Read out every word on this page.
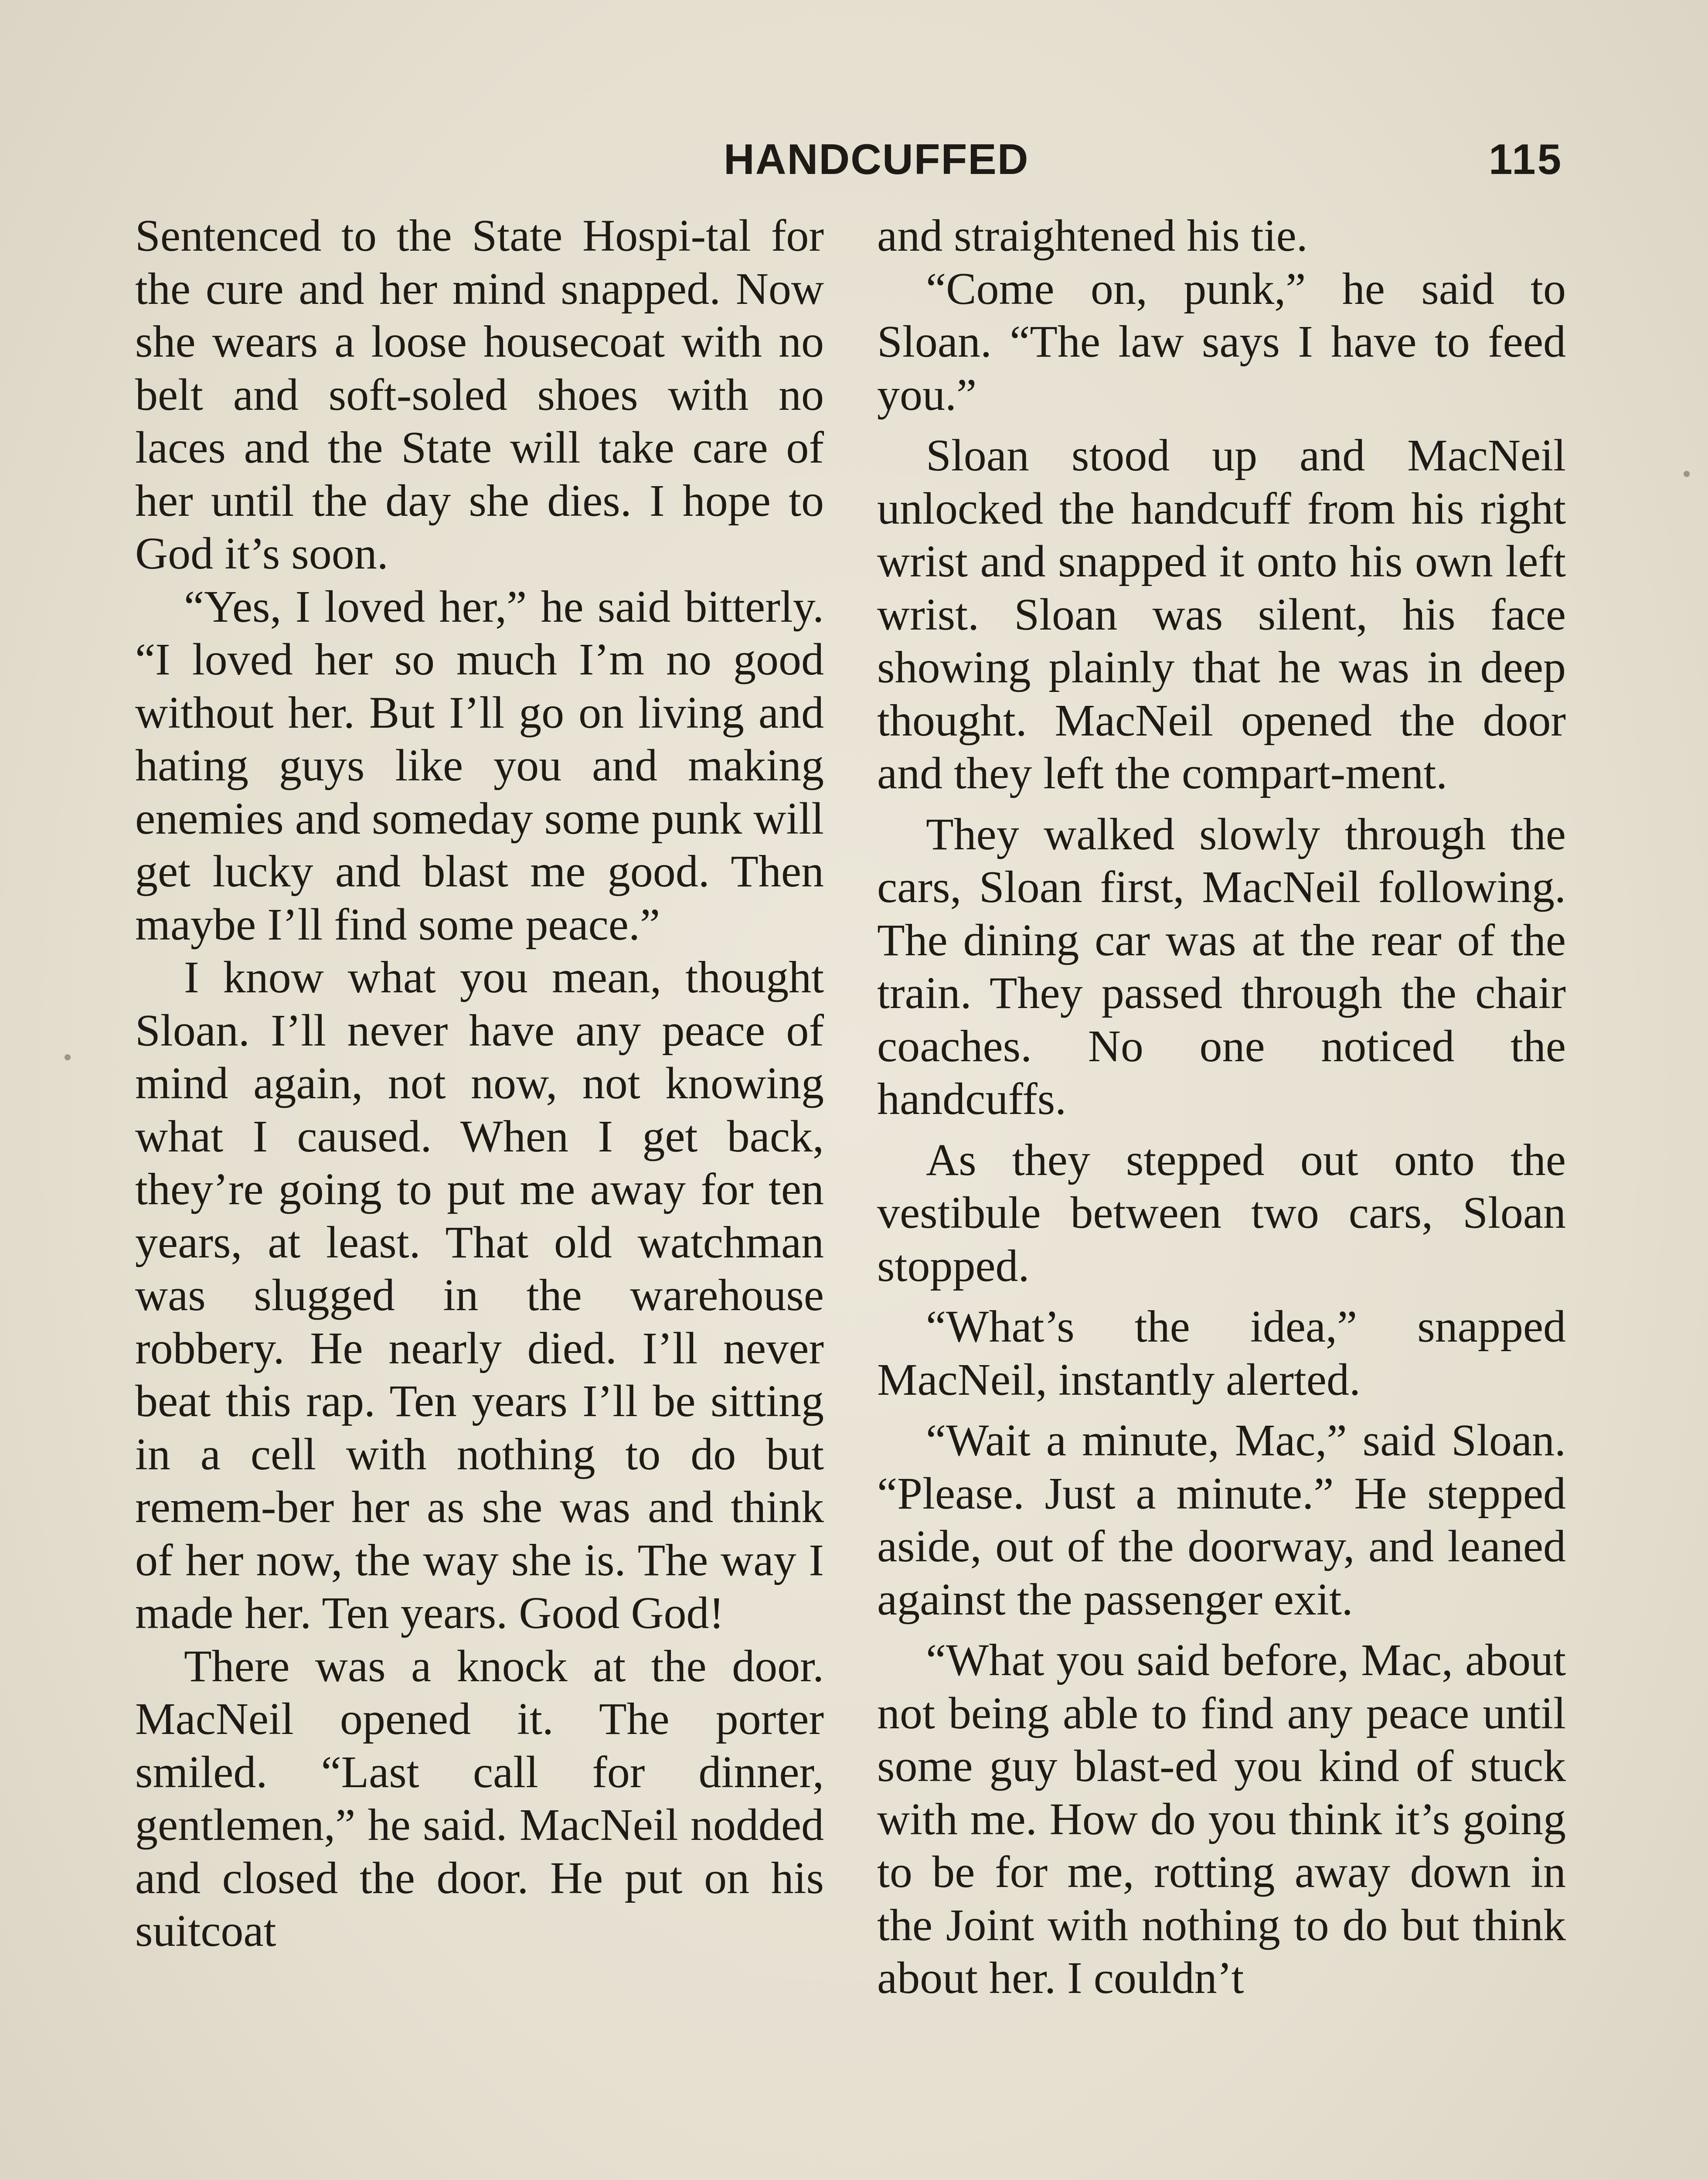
HANDCUFFED	115

Sentenced to the State Hospi-tal for the cure and her mind snapped. Now she wears a loose housecoat with no belt and soft-soled shoes with no laces and the State will take care of her until the day she dies. I hope to God it’s soon.

“Yes, I loved her,” he said bitterly. “I loved her so much I’m no good without her. But I’ll go on living and hating guys like you and making enemies and someday some punk will get lucky and blast me good. Then maybe I’ll find some peace.”

I know what you mean, thought Sloan. I’ll never have any peace of mind again, not now, not knowing what I caused. When I get back, they’re going to put me away for ten years, at least. That old watchman was slugged in the warehouse robbery. He nearly died. I’ll never beat this rap. Ten years I’ll be sitting in a cell with nothing to do but remem-ber her as she was and think of her now, the way she is. The way I made her. Ten years. Good God!

There was a knock at the door. MacNeil opened it. The porter smiled. “Last call for dinner, gentlemen,” he said. MacNeil nodded and closed the door. He put on his suitcoat

and straightened his tie.

“Come on, punk,” he said to Sloan. “The law says I have to feed you.”

Sloan stood up and MacNeil unlocked the handcuff from his right wrist and snapped it onto his own left wrist. Sloan was silent, his face showing plainly that he was in deep thought. MacNeil opened the door and they left the compart-ment.

They walked slowly through the cars, Sloan first, MacNeil following. The dining car was at the rear of the train. They passed through the chair coaches. No one noticed the handcuffs.

As they stepped out onto the vestibule between two cars, Sloan stopped.

“What’s the idea,” snapped MacNeil, instantly alerted.

“Wait a minute, Mac,” said Sloan. “Please. Just a minute.” He stepped aside, out of the doorway, and leaned against the passenger exit.

“What you said before, Mac, about not being able to find any peace until some guy blast-ed you kind of stuck with me. How do you think it’s going to be for me, rotting away down in the Joint with nothing to do but think about her. I couldn’t
